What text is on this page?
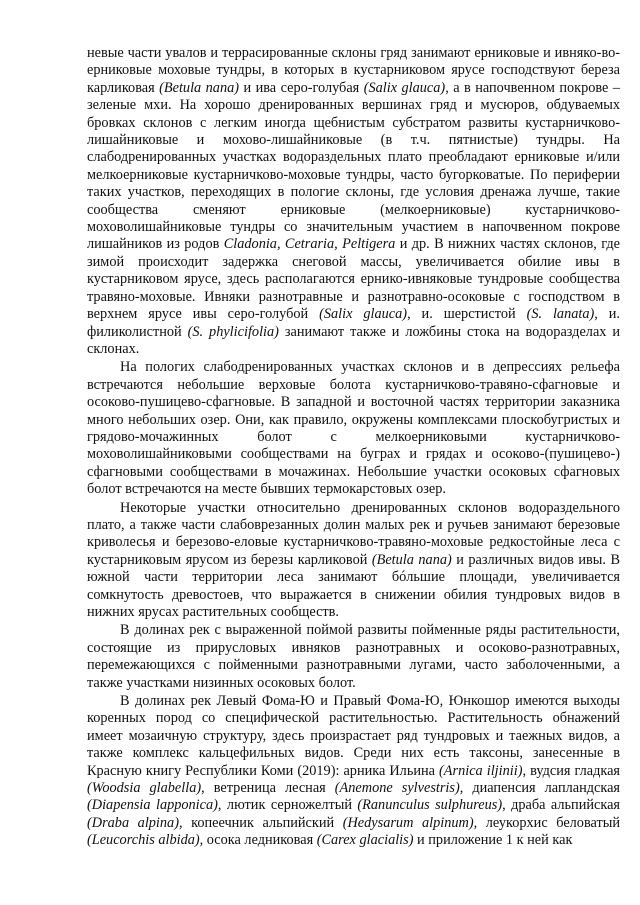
невые части увалов и террасированные склоны гряд занимают ерниковые и ивняко-во-ерниковые моховые тундры, в которых в кустарниковом ярусе господствуют береза карликовая (Betula nana) и ива серо-голубая (Salix glauca), а в напочвенном покрове – зеленые мхи. На хорошо дренированных вершинах гряд и мусюров, обдуваемых бровках склонов с легким иногда щебнистым субстратом развиты кустарничково-лишайниковые и мохово-лишайниковые (в т.ч. пятнистые) тундры. На слабодренированных участках водораздельных плато преобладают ерниковые и/или мелкоерниковые кустарничково-моховые тундры, часто бугорковатые. По периферии таких участков, переходящих в пологие склоны, где условия дренажа лучше, такие сообщества сменяют ерниковые (мелкоерниковые) кустарничково-моховолишайниковые тундры со значительным участием в напочвенном покрове лишайников из родов Cladonia, Cetraria, Peltigera и др. В нижних частях склонов, где зимой происходит задержка снеговой массы, увеличивается обилие ивы в кустарниковом ярусе, здесь располагаются ернико-ивняковые тундровые сообщества травяно-моховые. Ивняки разнотравные и разнотравно-осоковые с господством в верхнем ярусе ивы серо-голубой (Salix glauca), и. шерстистой (S. lanata), и. филиколистной (S. phylicifolia) занимают также и ложбины стока на водоразделах и склонах.

На пологих слабодренированных участках склонов и в депрессиях рельефа встречаются небольшие верховые болота кустарничково-травяно-сфагновые и осоково-пушицево-сфагновые. В западной и восточной частях территории заказника много небольших озер. Они, как правило, окружены комплексами плоскобугристых и грядово-мочажинных болот с мелкоерниковыми кустарничково-моховолишайниковыми сообществами на буграх и грядах и осоково-(пушицево-) сфагновыми сообществами в мочажинах. Небольшие участки осоковых сфагновых болот встречаются на месте бывших термокарстовых озер.

Некоторые участки относительно дренированных склонов водораздельного плато, а также части слабоврезанных долин малых рек и ручьев занимают березовые криволесья и березово-еловые кустарничково-травяно-моховые редкостойные леса с кустарниковым ярусом из березы карликовой (Betula nana) и различных видов ивы. В южной части территории леса занимают бóльшие площади, увеличивается сомкнутость древостоев, что выражается в снижении обилия тундровых видов в нижних ярусах растительных сообществ.

В долинах рек с выраженной поймой развиты пойменные ряды растительности, состоящие из прирусловых ивняков разнотравных и осоково-разнотравных, перемежающихся с пойменными разнотравными лугами, часто заболоченными, а также участками низинных осоковых болот.

В долинах рек Левый Фома-Ю и Правый Фома-Ю, Юнкошор имеются выходы коренных пород со специфической растительностью. Растительность обнажений имеет мозаичную структуру, здесь произрастает ряд тундровых и таежных видов, а также комплекс кальцефильных видов. Среди них есть таксоны, занесенные в Красную книгу Республики Коми (2019): арника Ильина (Arnica iljinii), вудсия гладкая (Woodsia glabella), ветреница лесная (Anemone sylvestris), диапенсия лапландская (Diapensia lapponica), лютик серножелтый (Ranunculus sulphureus), драба альпийская (Draba alpina), копеечник альпийский (Hedysarum alpinum), леукорхис беловатый (Leucorchis albida), осока ледниковая (Carex glacialis) и приложение 1 к ней как
